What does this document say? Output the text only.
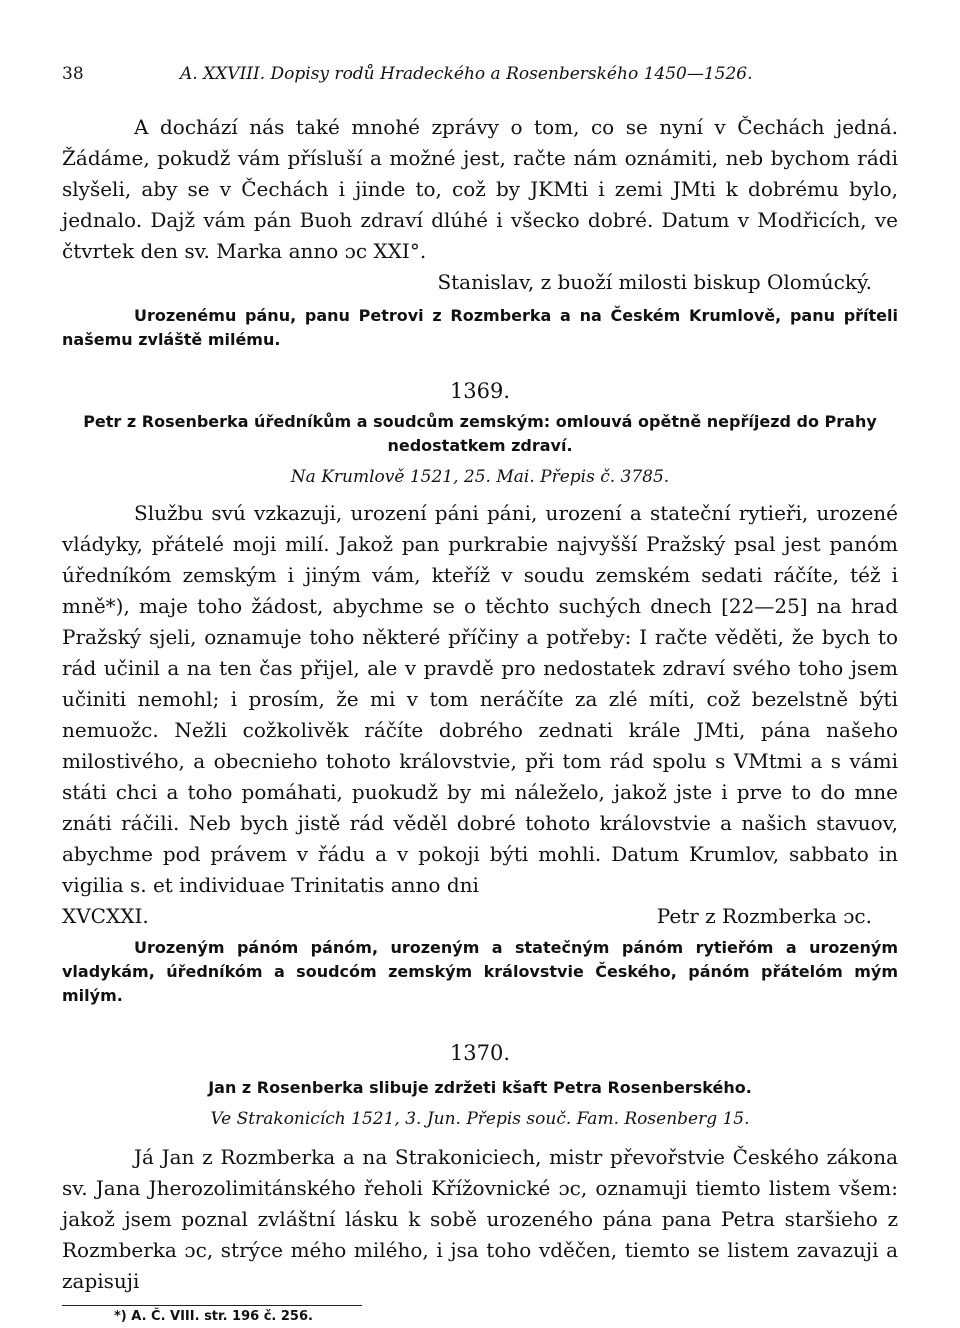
38	A. XXVIII. Dopisy rodů Hradeckého a Rosenberského 1450—1526.

A dochází nás také mnohé zprávy o tom, co se nyní v Čechách jedná. Žádáme, pokudž vám přísluší a možné jest, račte nám oznámiti, neb bychom rádi slyšeli, aby se v Čechách i jinde to, což by JKMti i zemi JMti k dobrému bylo, jednalo. Dajž vám pán Buoh zdraví dlúhé i všecko dobré. Datum v Modřicích, ve čtvrtek den sv. Marka anno ɔc XXI°.

Stanislav, z buoží milosti biskup Olomúcký.

Urozenému pánu, panu Petrovi z Rozmberka a na Českém Krumlově, panu příteli našemu zvláště milému.

1369.

Petr z Rosenberka úředníkům a soudcům zemským: omlouvá opětně nepříjezd do Prahy nedostatkem zdraví.

Na Krumlově 1521, 25. Mai. Přepis č. 3785.

Službu svú vzkazuji, urození páni páni, urození a stateční rytieři, urozené vládyky, přátelé moji milí. Jakož pan purkrabie najvyšší Pražský psal jest panóm úředníkóm zemským i jiným vám, kteříž v soudu zemském sedati ráčíte, též i mně*), maje toho žádost, abychme se o těchto suchých dnech [22—25] na hrad Pražský sjeli, oznamuje toho některé příčiny a potřeby: I račte věděti, že bych to rád učinil a na ten čas přijel, ale v pravdě pro nedostatek zdraví svého toho jsem učiniti nemohl; i prosím, že mi v tom neráčíte za zlé míti, což bezelstně býti nemuožc. Nežli cožkolivěk ráčíte dobrého zednati krále JMti, pána našeho milostivého, a obecnieho tohoto královstvie, při tom rád spolu s VMtmi a s vámi státi chci a toho pomáhati, puokudž by mi náleželo, jakož jste i prve to do mne znáti ráčili. Neb bych jistě rád věděl dobré tohoto královstvie a našich stavuov, abychme pod právem v řádu a v pokoji býti mohli. Datum Krumlov, sabbato in vigilia s. et individuae Trinitatis anno dni

XVCXXI.	Petr z Rozmberka ɔc.

Urozeným pánóm pánóm, urozeným a statečným pánóm rytieřóm a urozeným vladykám, úředníkóm a soudcóm zemským královstvie Českého, pánóm přátelóm mým milým.

1370.

Jan z Rosenberka slibuje zdržeti kšaft Petra Rosenberského.

Ve Strakonicích 1521, 3. Jun. Přepis souč. Fam. Rosenberg 15.

Já Jan z Rozmberka a na Strakoniciech, mistr převořstvie Českého zákona sv. Jana Jherozolimitánského řeholi Křížovnické ɔc, oznamuji tiemto listem všem: jakož jsem poznal zvláštní lásku k sobě urozeného pána pana Petra staršieho z Rozmberka ɔc, strýce mého milého, i jsa toho vděčen, tiemto se listem zavazuji a zapisuji

*) A. Č. VIII. str. 196 č. 256.
